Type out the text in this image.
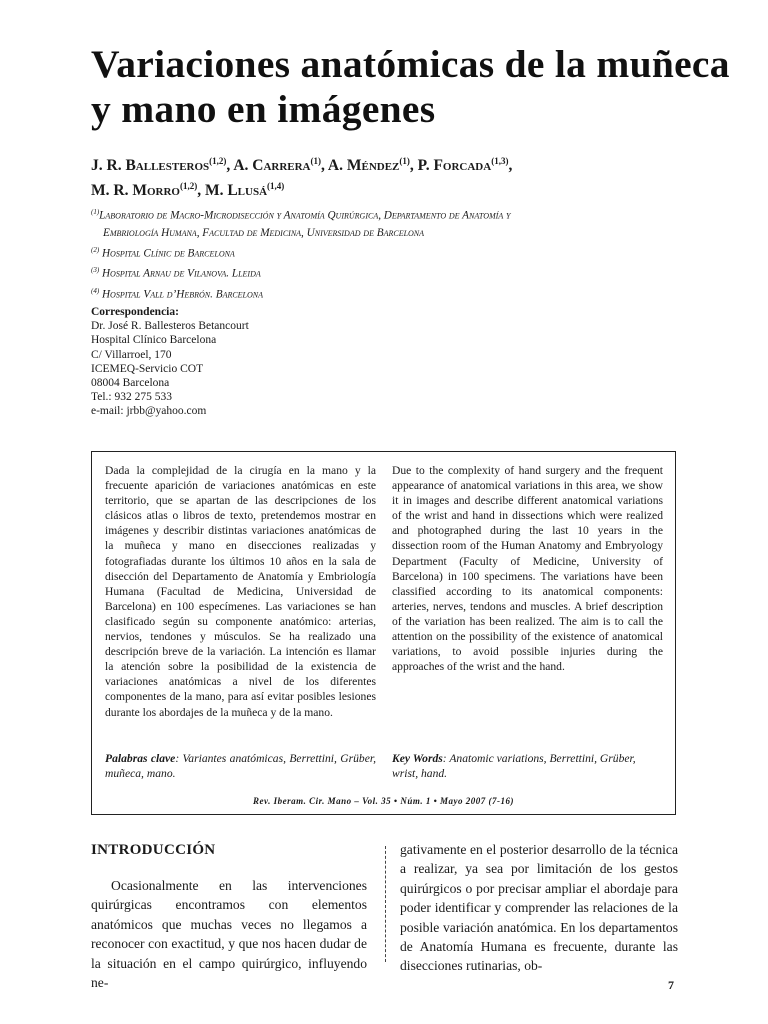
Variaciones anatómicas de la muñeca y mano en imágenes
J. R. Ballesteros$^{(1,2)}$, A. Carrera$^{(1)}$, A. Méndez$^{(1)}$, P. Forcada$^{(1,3)}$,
M. R. Morro$^{(1,2)}$, M. Llusá$^{(1,4)}$
$^{(1)}$Laboratorio de Macro-Microdisección y Anatomía Quirúrgica, Departamento de Anatomía y
Embriología Humana, Facultad de Medicina, Universidad de Barcelona
$^{(2)}$ Hospital Clínic de Barcelona
$^{(3)}$ Hospital Arnau de Vilanova. Lleida
$^{(4)}$ Hospital Vall d’Hebrón. Barcelona
Correspondencia:
Dr. José R. Ballesteros Betancourt
Hospital Clínico Barcelona
C/ Villarroel, 170
ICEMEQ-Servicio COT
08004 Barcelona
Tel.: 932 275 533
e-mail: jrbb@yahoo.com
Dada la complejidad de la cirugía en la mano y la frecuente aparición de variaciones anatómicas en este territorio, que se apartan de las descripciones de los clásicos atlas o libros de texto, pretendemos mostrar en imágenes y describir distintas variaciones anatómicas de la muñeca y mano en disecciones realizadas y fotografiadas durante los últimos 10 años en la sala de disección del Departamento de Anatomía y Embriología Humana (Facultad de Medicina, Universidad de Barcelona) en 100 especímenes. Las variaciones se han clasificado según su componente anatómico: arterias, nervios, tendones y músculos. Se ha realizado una descripción breve de la variación. La intención es llamar la atención sobre la posibilidad de la existencia de variaciones anatómicas a nivel de los diferentes componentes de la mano, para así evitar posibles lesiones durante los abordajes de la muñeca y de la mano.
Due to the complexity of hand surgery and the frequent appearance of anatomical variations in this area, we show it in images and describe different anatomical variations of the wrist and hand in dissections which were realized and photographed during the last 10 years in the dissection room of the Human Anatomy and Embryology Department (Faculty of Medicine, University of Barcelona) in 100 specimens. The variations have been classified according to its anatomical components: arteries, nerves, tendons and muscles. A brief description of the variation has been realized. The aim is to call the attention on the possibility of the existence of anatomical variations, to avoid possible injuries during the approaches of the wrist and the hand.
Palabras clave: Variantes anatómicas, Berrettini, Grüber, muñeca, mano.
Key Words: Anatomic variations, Berrettini, Grüber, wrist, hand.
Rev. Iberam. Cir. Mano – Vol. 35 • Núm. 1 • Mayo 2007 (7-16)
INTRODUCCIÓN
Ocasionalmente en las intervenciones quirúrgicas encontramos con elementos anatómicos que muchas veces no llegamos a reconocer con exactitud, y que nos hacen dudar de la situación en el campo quirúrgico, influyendo ne-
gativamente en el posterior desarrollo de la técnica a realizar, ya sea por limitación de los gestos quirúrgicos o por precisar ampliar el abordaje para poder identificar y comprender las relaciones de la posible variación anatómica. En los departamentos de Anatomía Humana es frecuente, durante las disecciones rutinarias, ob-
7
